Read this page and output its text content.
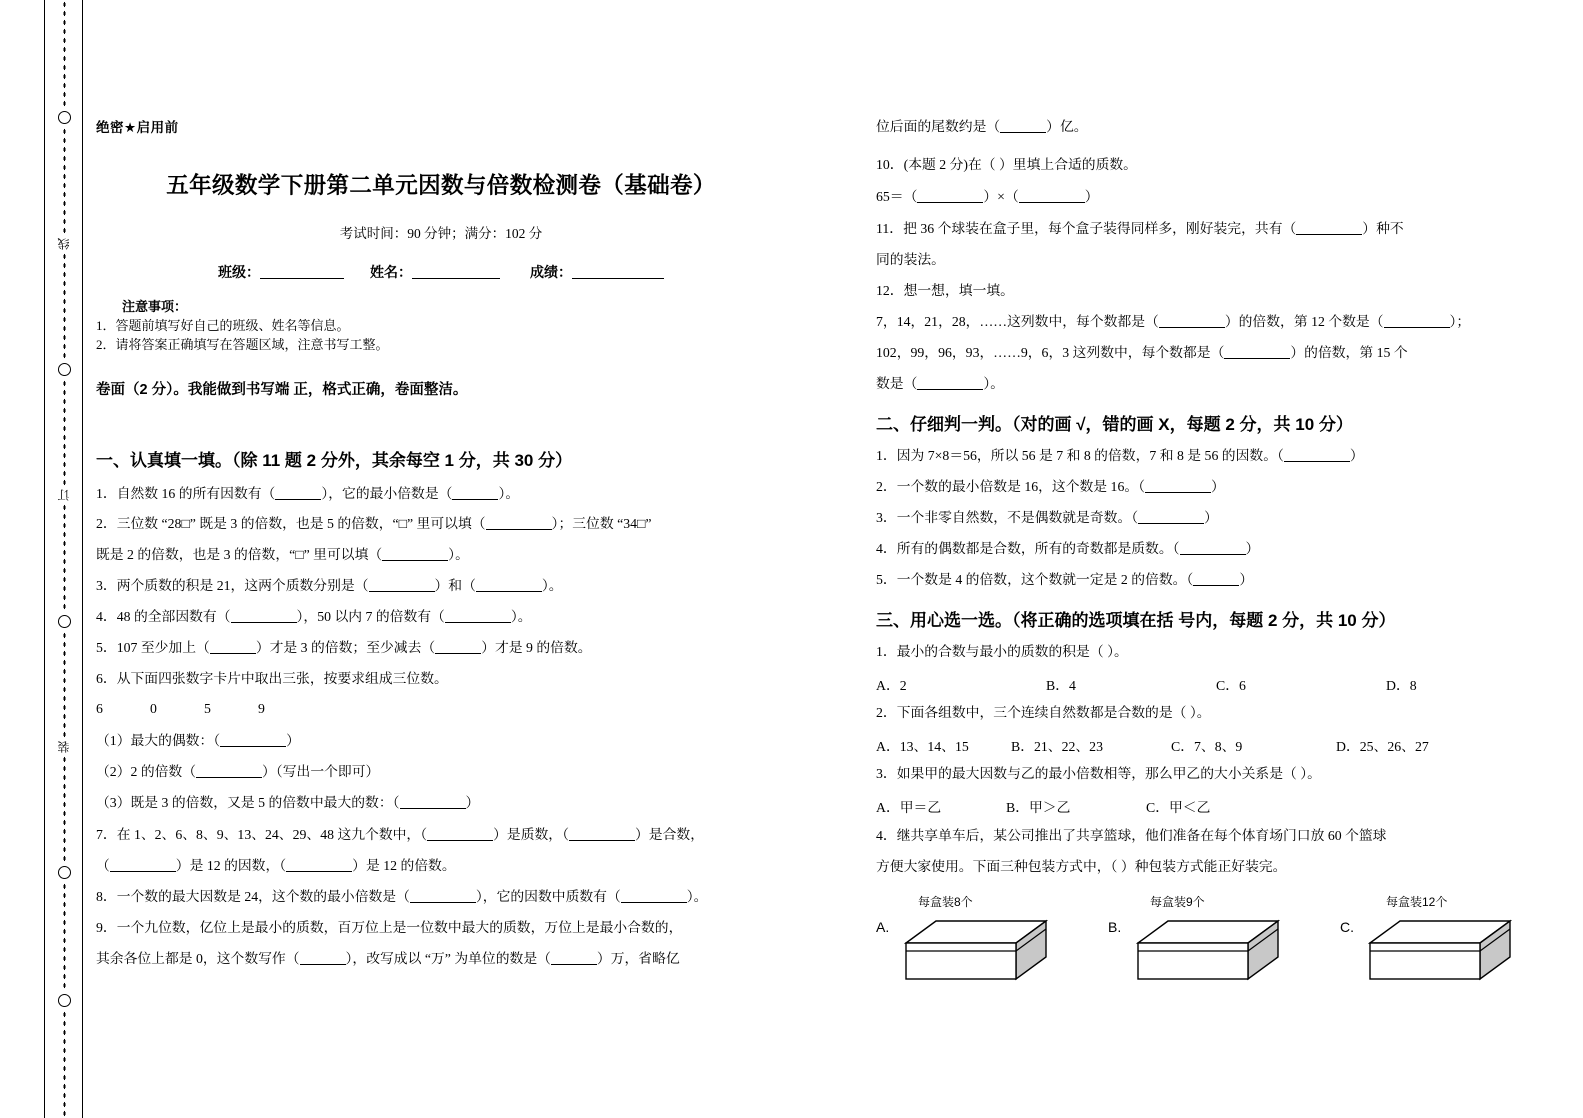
线
订
装
绝密★启用前
五年级数学下册第二单元因数与倍数检测卷（基础卷）
考试时间：90 分钟；满分：102 分
班级：	姓名：	成绩：
注意事项：
1．答题前填写好自己的班级、姓名等信息。
2．请将答案正确填写在答题区域，注意书写工整。
卷面（2 分）。我能做到书写端 正，格式正确，卷面整洁。
一、认真填一填。（除 11 题 2 分外，其余每空 1 分，共 30 分）
1．自然数 16 的所有因数有（	），它的最小倍数是（	）。
2．三位数 “28□” 既是 3 的倍数，也是 5 的倍数，“□” 里可以填（	）；三位数 “34□”
既是 2 的倍数，也是 3 的倍数，“□” 里可以填（	）。
3．两个质数的积是 21，这两个质数分别是（	）和（	）。
4．48 的全部因数有（	），50 以内 7 的倍数有（	）。
5．107 至少加上（	）才是 3 的倍数；至少减去（	）才是 9 的倍数。
6．从下面四张数字卡片中取出三张，按要求组成三位数。
6	0	5	9
（1）最大的偶数：（	）
（2）2 的倍数（	）（写出一个即可）
（3）既是 3 的倍数，又是 5 的倍数中最大的数：（	）
7．在 1、2、6、8、9、13、24、29、48 这九个数中，（	）是质数，（	）是合数，
（	）是 12 的因数，（	）是 12 的倍数。
8．一个数的最大因数是 24，这个数的最小倍数是（	），它的因数中质数有（	）。
9．一个九位数，亿位上是最小的质数，百万位上是一位数中最大的质数，万位上是最小合数的，
其余各位上都是 0，这个数写作（	），改写成以 “万” 为单位的数是（	）万，省略亿
位后面的尾数约是（	）亿。
10．(本题 2 分)在（ ）里填上合适的质数。
65＝（	）×（	）
11．把 36 个球装在盒子里，每个盒子装得同样多，刚好装完，共有（	）种不
同的装法。
12．想一想，填一填。
7，14，21，28，……这列数中，每个数都是（	）的倍数，第 12 个数是（	）；
102，99，96，93，……9，6，3 这列数中，每个数都是（	）的倍数，第 15 个
数是（	）。
二、仔细判一判。（对的画 √，错的画 X，每题 2 分，共 10 分）
1．因为 7×8＝56，所以 56 是 7 和 8 的倍数，7 和 8 是 56 的因数。（	）
2．一个数的最小倍数是 16，这个数是 16。（	）
3．一个非零自然数，不是偶数就是奇数。（	）
4．所有的偶数都是合数，所有的奇数都是质数。（	）
5．一个数是 4 的倍数，这个数就一定是 2 的倍数。（	）
三、用心选一选。（将正确的选项填在括 号内，每题 2 分，共 10 分）
1．最小的合数与最小的质数的积是（ ）。
A．2	B．4	C．6	D．8
2．下面各组数中，三个连续自然数都是合数的是（ ）。
A．13、14、15	B．21、22、23	C．7、8、9	D．25、26、27
3．如果甲的最大因数与乙的最小倍数相等，那么甲乙的大小关系是（ ）。
A．甲＝乙	B．甲＞乙	C．甲＜乙
4．继共享单车后，某公司推出了共享篮球，他们准备在每个体育场门口放 60 个篮球
方便大家使用。下面三种包装方式中，（ ）种包装方式能正好装完。
A.
每盒装8个
B.
每盒装9个
C.
每盒装12个
